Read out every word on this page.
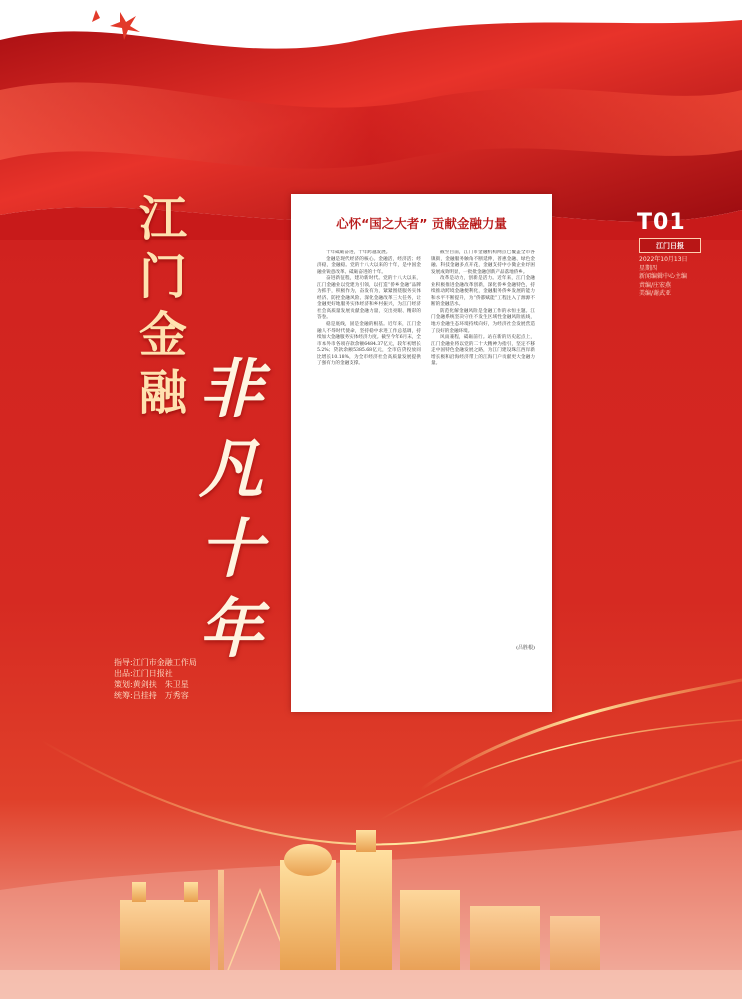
江
门
金
融 非
凡
十
年
指导:江门市金融工作局
出品:江门日报社
策划:黄剑扶　朱卫星
统筹:吕挂持　万秀容
心怀“国之大者” 贡献金融力量

十年砥砺奋进，十年跨越发展。

金融是现代经济的核心。金融活，经济活；经济稳，金融稳。党的十八大以来的十年，是中国金融业锐意改革、砥砺奋进的十年。

奋进新征程，建功新时代。党的十八大以来，江门金融业以党建为引领，以打造“侨乡金融”品牌为抓手，积极作为，奋发有为，紧紧围绕服务实体经济、防控金融风险、深化金融改革三大任务，让金融更好地服务实体经济和乡村振兴，为江门经济社会高质量发展贡献金融力量，交出亮眼、精彩的答卷。

稳是底线，固是金融的根基。近年来，江门金融人不辱时代使命，坚持稳中求进工作总基调，持续加大金融服务实体经济力度。截至今年6月末，全市本外币各项存款余额6484.37亿元，较年初增长5.2%；贷款余额5385.68亿元，全市信贷投放同比增长10.18%，为全市经济社会高质量发展提供了强有力的金融支撑。

截至目前，江门市金融机构网点已覆盖全市各镇街，金融服务触角不断延伸，普惠金融、绿色金融、科技金融多点开花，金融支持中小微企业纾困发展成效明显，一批批金融创新产品落地侨乡。

改革是动力，创新是活力。近年来，江门金融业积极推进金融改革创新，深化侨乡金融特色，持续推动跨境金融便利化，金融服务侨乡发展的能力和水平不断提升，为“侨都赋能”工程注入了源源不断的金融活水。

防范化解金融风险是金融工作的永恒主题。江门金融系统坚决守住不发生区域性金融风险底线，地方金融生态环境持续向好，为经济社会发展营造了良好的金融环境。

风雨兼程，砥砺前行。站在新的历史起点上，江门金融业将以党的二十大精神为指引，坚定不移走中国特色金融发展之路，为江门建设珠江西岸新增长极和沿海经济带上的江海门户贡献更大金融力量。

(吕胜根)
T01
江门日报
2022年10月13日
星期四
新闻编辑中心主编
责编/庄宏燕
美编/谢武亚
